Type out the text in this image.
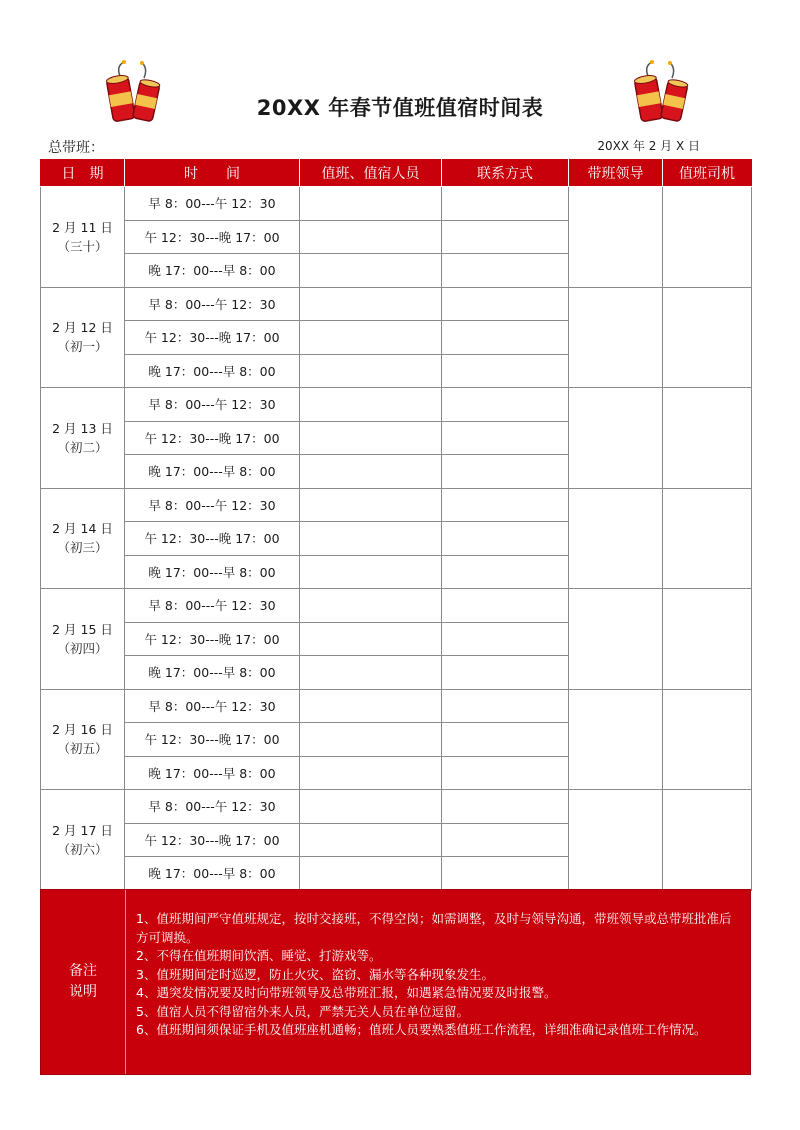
20XX 年春节值班值宿时间表
总带班：	20XX 年 2 月 X 日
日　期	时　　间	值班、值宿人员	联系方式	带班领导	值班司机

2 月 11 日
（三十）	早 8：00---午 12：30				
	午 12：30---晚 17：00				
	晚 17：00---早 8：00				

2 月 12 日
（初一）	早 8：00---午 12：30				
	午 12：30---晚 17：00				
	晚 17：00---早 8：00				

2 月 13 日
（初二）	早 8：00---午 12：30				
	午 12：30---晚 17：00				
	晚 17：00---早 8：00				

2 月 14 日
（初三）	早 8：00---午 12：30				
	午 12：30---晚 17：00				
	晚 17：00---早 8：00				

2 月 15 日
（初四）	早 8：00---午 12：30				
	午 12：30---晚 17：00				
	晚 17：00---早 8：00				

2 月 16 日
（初五）	早 8：00---午 12：30				
	午 12：30---晚 17：00				
	晚 17：00---早 8：00				

2 月 17 日
（初六）	早 8：00---午 12：30				
	午 12：30---晚 17：00				
	晚 17：00---早 8：00				
备注
说明

1、值班期间严守值班规定，按时交接班，不得空岗；如需调整，及时与领导沟通，带班领导或总带班批准后方可调换。

2、不得在值班期间饮酒、睡觉、打游戏等。

3、值班期间定时巡逻，防止火灾、盗窃、漏水等各种现象发生。

4、遇突发情况要及时向带班领导及总带班汇报，如遇紧急情况要及时报警。

5、值宿人员不得留宿外来人员，严禁无关人员在单位逗留。

6、值班期间须保证手机及值班座机通畅；值班人员要熟悉值班工作流程，详细准确记录值班工作情况。
